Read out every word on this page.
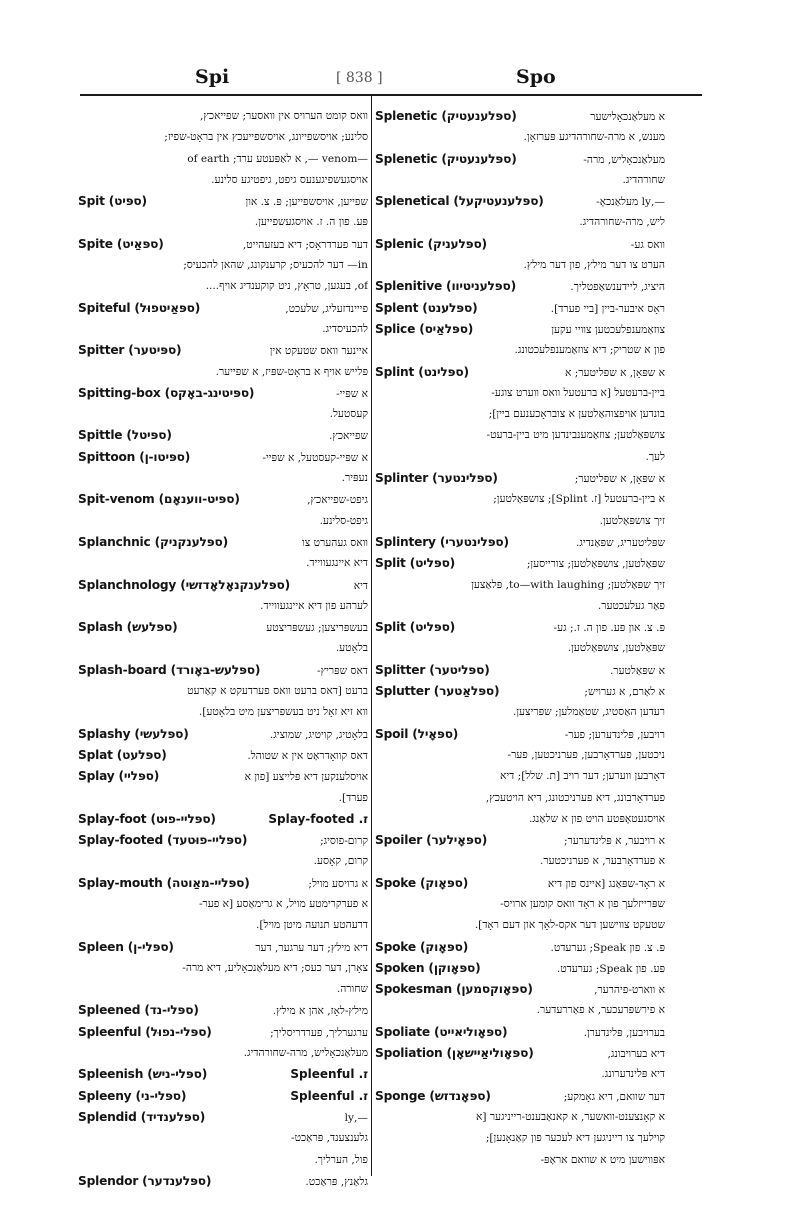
Spi	[ 838 ]	Spo
וואס קומט הערויס אין וואסער; שפייאכץ,
סלינע; אויסשפייונג, אויסשפייעכץ אין בראָט-שפיז;
—venom —, א לאַפּעטע ערד; of earth
אויסגעשפיגענעס גיפט, גיפטיגע סלינע.
Spit (ספּיט)	שפייען, אויסשפייען; פּ. צ. און
פּע. פון ה. ז. אויסגעשפייען.
Spite (ספּאַיט)	דער פערדראָס; דיא בעזעהייט,
in— דער להכעיס; קרענקונג, שהאן להכעיס;
of, בעגען, טראָץ, ניט קוקענדיג אויף....
Spiteful (ספּאַיטפוּל)	פייינדזעליג, שלעכט,
להכעיסדיג.
Spitter (ספּיטער)	איינער וואס שטעקט אין
פּלייש אויף א בראָט-שפּיז, א שפּייער.
Spitting-box (ספּיטינג-באָקס)	א שפּיי-
קעסטעל.
Spittle (ספּיטל)	שפייאכץ.
Spittoon (ספּיטו-ן)	א שפּיי-קעסטעל, א שפּיי-
נעפּיר.
Spit-venom (ספּיט-ווענאָם)	גיפט-שפייאכץ,
גיפט-סלינע.
Splanchnic (ספּלענקניק)	וואס געהערט צו
דיא איינגעווייד.
Splanchnology (ספּלענקנאָלאָדזשי)	דיא
לערהע פון דיא איינגעווייד.
Splash (ספּלעש)	בעשפּריצען; געשפּריצטע
בלאָטע.
Splash-board (ספּלעש-באָורד)	דאס שפּריץ-
ברעט [דאס ברעט וואס פערדעקט א קאַרעט
ווא זיא זאָל ניט בעשפּריצען מיט בלאָטע].
Splashy (ספּלעשי)	בלאָטיג, קויטיג, שמוציג.
Splat (ספּלעט)	דאס קוואָדראַט אין א שטוהל.
Splay (ספּליי)	אויסלענקען דיא פּלייצע [פון א
פערד].
Splay-foot (ספּליי-פוּט)	ז. Splay-footed
Splay-footed (ספּליי-פוּטעד)	קרום-פוסיג;
קרום, קאָסע.
Splay-mouth (ספּליי-מאַוטה)	א גרויסע מויל;
א פערקרימטע מויל, א גרימאַסע [א פער-
דרעהטע תנועה מיטן מויל].
Spleen (ספּלי-ן)	דיא מילץ; דער ערגער, דער
צאָרן, דער כעס; דיא מעלאַנכאָליע, דיא מרה-
שחורה.
Spleened (ספּלי-נד)	מילץ-לאָז, אהן א מילץ.
Spleenful (ספּלי-נפוּל)	ערגערליך, פערדריסליך;
מעלאַנכאָליש, מרה-שחורהדיג.
Spleenish (ספּלי-ניש)	ז. Spleenful
Spleeny (ספּלי-ני)	ז. Spleenful
Splendid (ספּלענדיד)	—,ly
גלענצענד, פּראַכט-
פול, הערליך.
Splendor (ספּלענדער)	גלאַנץ, פּראַכט.
Splenetic (ספּלענעטיק)	א מעלאַנכאָלישער
מענש, א מרה-שחורהדיגע פּערזאָן.
Splenetic (ספּלענעטיק)	מעלאַנכאָליש, מרה-
שחורהדיג.
Splenetical (ספּלענעטיקעל)	—,ly מעלאַנכאָ-
ליש, מרה-שחורהדיג.
Splenic (ספּלעניק)	וואס גע-
הערט צו דער מילץ, פון דער מילץ.
Splenitive (ספּלעניטיוו)	היציג, ליידענשאַפטליך.
Splent (ספּלענט)	ראָס איבער-ביין [ביי פערד].
Splice (ספּלאַיס)	צוזאַמענפלעכטען צוויי עקען
פון א שטריק; דיא צוזאַמענפלעכטונג.
Splint (ספּלינט)	א שפּאָן, א שפּליטער; א
ביין-ברעטעל [א ברעטעל וואס ווערט צוגע-
בונדען אויפצוהאַלטען א צובראָכענעם ביין];
צושפּאַלטען; צוזאַמענבינדען מיט ביין-ברעט-
לעך.
Splinter (ספּלינטער)	א שפּאָן, א שפּליטער;
א ביין-ברעטעל [ז. Splint]; צושפּאַלטען;
זיך צושפּאַלטען.
Splintery (ספּלינטערי)	שפּליטעריג, שפּאַנדיג.
Split (ספּליט)	שפּאַלטען, צושפּאַלטען; צורייסען;
זיך שפּאַלטען; to—with laughing, פּלאַצען
פאַר געלעכטער.
Split (ספּליט)	פּ. צ. און פּע. פון ה. ז.; גע-
שפּאַלטען, צושפּאַלטען.
Splitter (ספּליטער)	א שפּאַלטער.
Splutter (ספּלאַטער)	א לאַרם, א גערויש;
רעדען האַסטיג, שטאַמלען; שפּריצען.
Spoil (ספּאָיל)	רויבען, פּלינדערען; פער-
ניכטען, פערדאָרבען, פערניכטען, פער-
דאָרבען ווערען; דער רויב [ת. שלל]; דיא
פערדאָרבונג, דיא פערניכטונג, דיא הויטעכץ,
אויסגעטאָפּטע הויט פון א שלאַנג.
Spoiler (ספּאָילער)	א רויבער, א פּלינדערער;
א פערדאָרבער, א פערניכטער.
Spoke (ספּאָוק)	א ראָד-שפּאַנג [איינס פון דיא
שפּרייזלעך פון א ראָד וואס קומען ארויס-
שטעקט צווישען דער אקס-לאָך און דעם ראָד].
Spoke (ספּאָוק)	פּ. צ. פון Speak; גערעדט.
Spoken (ספּאָוקן)	פּע. פון Speak; גערעדט.
Spokesman (ספּאָוקסמען)	א ווארט-פיהרער,
א פירשפּרעכער, א פאַררעדער.
Spoliate (ספּאָוליאייט)	בערויבען, פּלינדערן.
Spoliation (ספּאָוליאַיישאָן)	דיא בערויבונג,
דיא פּלינדערונג.
Sponge (ספּאָנדזש)	דער שוואם, דיא גאָמקע;
א קאָנצענט-וואשער, א קאנאַבענט-רייניגער [א
קוילעך צו רייניגען דיא לעכער פון קאַנאָנען];
אפּווישען מיט א שוואם אראָפּ-
